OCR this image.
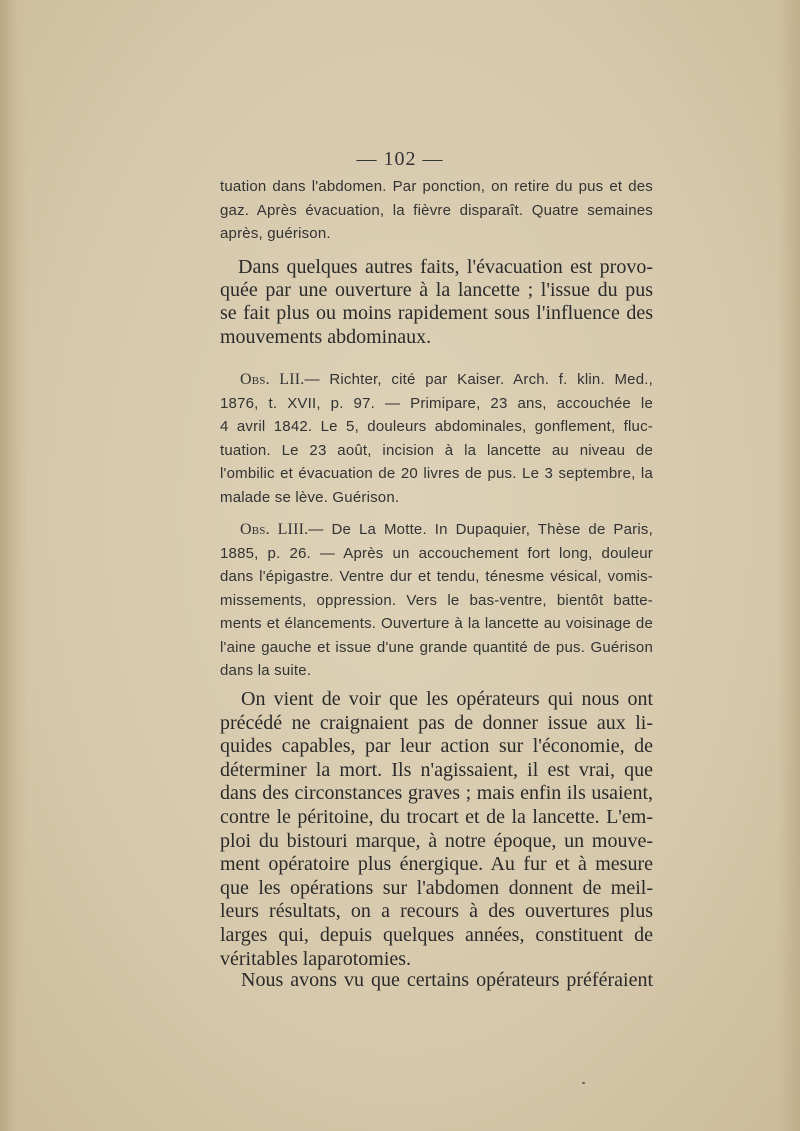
— 102 —
tuation dans l'abdomen. Par ponction, on retire du pus et des
gaz. Après évacuation, la fièvre disparaît. Quatre semaines
après, guérison.
Dans quelques autres faits, l'évacuation est provo-
quée par une ouverture à la lancette ; l'issue du pus
se fait plus ou moins rapidement sous l'influence des
mouvements abdominaux.
Obs. LII.— Richter, cité par Kaiser. Arch. f. klin. Med.,
1876, t. XVII, p. 97. — Primipare, 23 ans, accouchée le
4 avril 1842. Le 5, douleurs abdominales, gonflement, fluc-
tuation. Le 23 août, incision à la lancette au niveau de
l'ombilic et évacuation de 20 livres de pus. Le 3 septembre, la
malade se lève. Guérison.
Obs. LIII.— De La Motte. In Dupaquier, Thèse de Paris,
1885, p. 26. — Après un accouchement fort long, douleur
dans l'épigastre. Ventre dur et tendu, ténesme vésical, vomis-
missements, oppression. Vers le bas-ventre, bientôt batte-
ments et élancements. Ouverture à la lancette au voisinage de
l'aine gauche et issue d'une grande quantité de pus. Guérison
dans la suite.
On vient de voir que les opérateurs qui nous ont
précédé ne craignaient pas de donner issue aux li-
quides capables, par leur action sur l'économie, de
déterminer la mort. Ils n'agissaient, il est vrai, que
dans des circonstances graves ; mais enfin ils usaient,
contre le péritoine, du trocart et de la lancette. L'em-
ploi du bistouri marque, à notre époque, un mouve-
ment opératoire plus énergique. Au fur et à mesure
que les opérations sur l'abdomen donnent de meil-
leurs résultats, on a recours à des ouvertures plus
larges qui, depuis quelques années, constituent de
véritables laparotomies.
Nous avons vu que certains opérateurs préféraient
